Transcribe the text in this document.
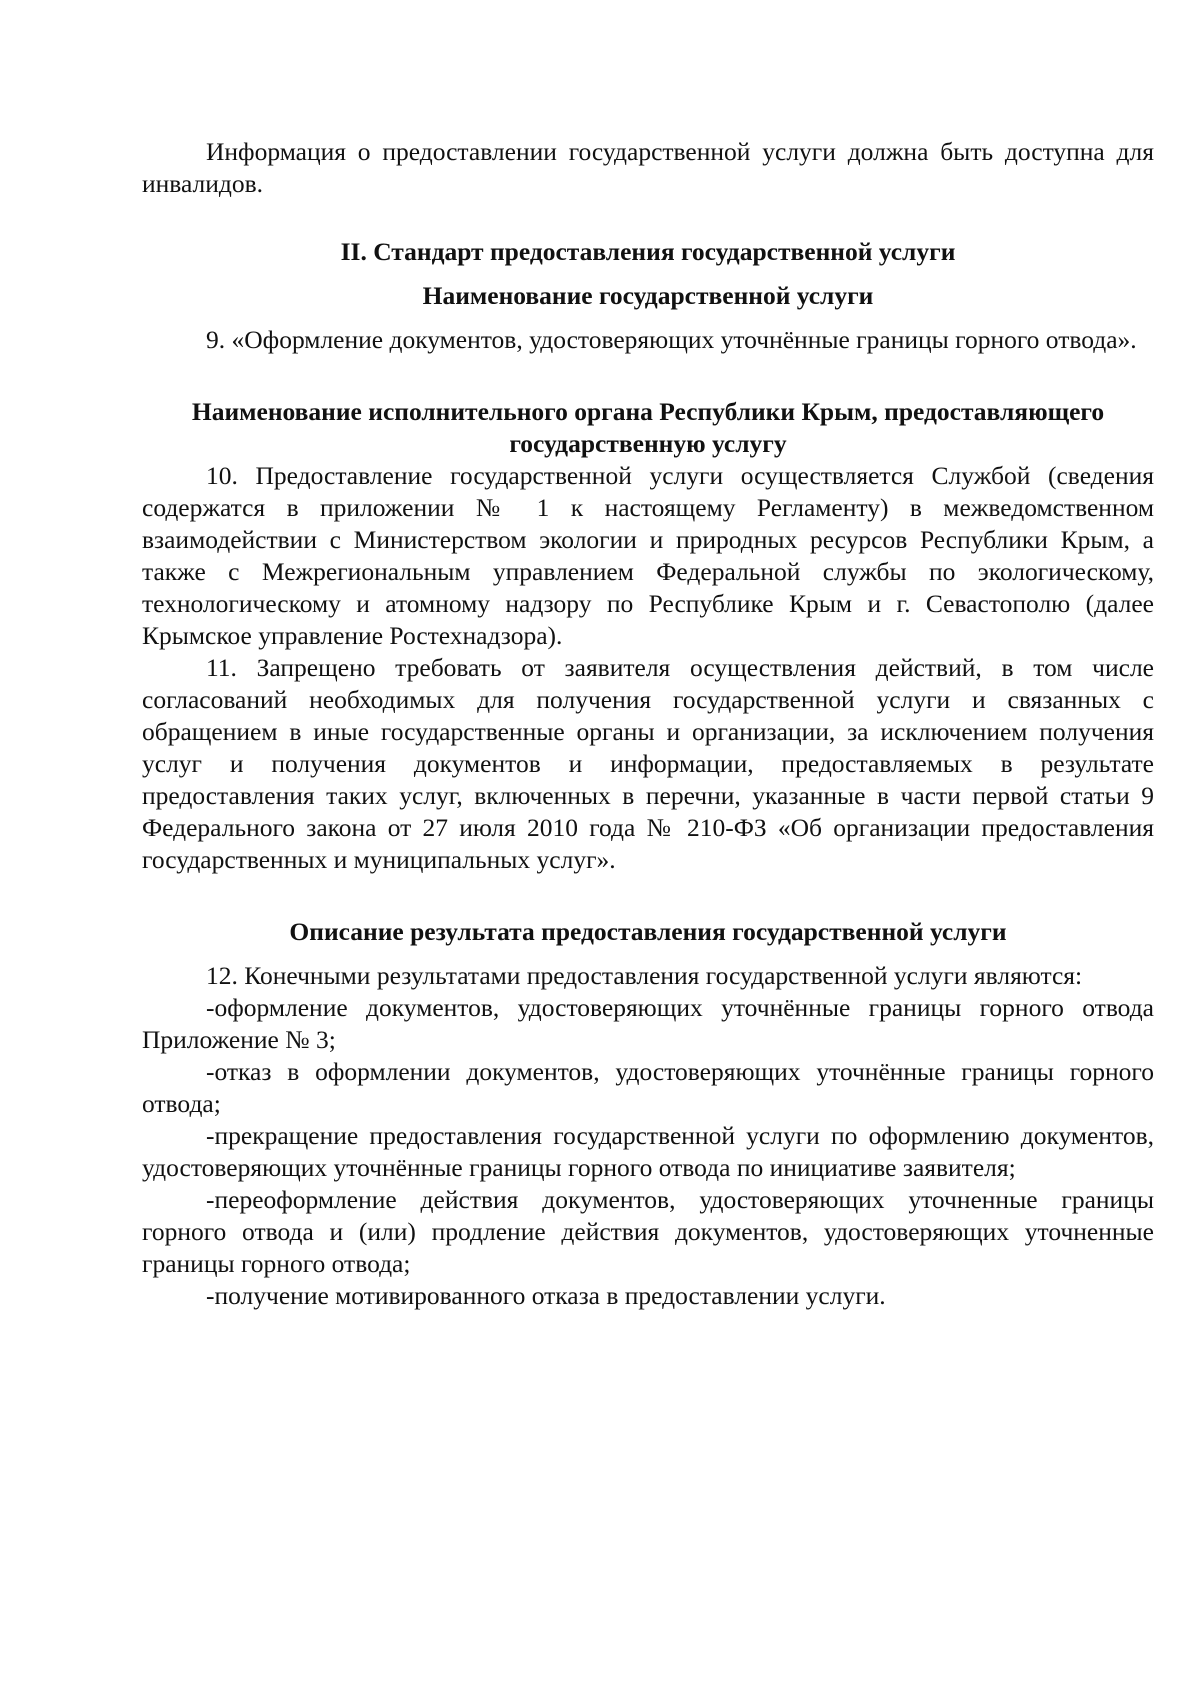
Информация о предоставлении государственной услуги должна быть доступна для инвалидов.

II. Стандарт предоставления государственной услуги

Наименование государственной услуги

9. «Оформление документов, удостоверяющих уточнённые границы горного отвода».

Наименование исполнительного органа Республики Крым, предоставляющего государственную услугу

10. Предоставление государственной услуги осуществляется Службой (сведения содержатся в приложении № 1 к настоящему Регламенту) в межведомственном взаимодействии с Министерством экологии и природных ресурсов Республики Крым, а также с Межрегиональным управлением Федеральной службы по экологическому, технологическому и атомному надзору по Республике Крым и г. Севастополю (далее Крымское управление Ростехнадзора).

11. Запрещено требовать от заявителя осуществления действий, в том числе согласований необходимых для получения государственной услуги и связанных с обращением в иные государственные органы и организации, за исключением получения услуг и получения документов и информации, предоставляемых в результате предоставления таких услуг, включенных в перечни, указанные в части первой статьи 9 Федерального закона от 27 июля 2010 года № 210-ФЗ «Об организации предоставления государственных и муниципальных услуг».

Описание результата предоставления государственной услуги

12. Конечными результатами предоставления государственной услуги являются:

-оформление документов, удостоверяющих уточнённые границы горного отвода Приложение № 3;

-отказ в оформлении документов, удостоверяющих уточнённые границы горного отвода;

-прекращение предоставления государственной услуги по оформлению документов, удостоверяющих уточнённые границы горного отвода по инициативе заявителя;

-переоформление действия документов, удостоверяющих уточненные границы горного отвода и (или) продление действия документов, удостоверяющих уточненные границы горного отвода;

-получение мотивированного отказа в предоставлении услуги.
